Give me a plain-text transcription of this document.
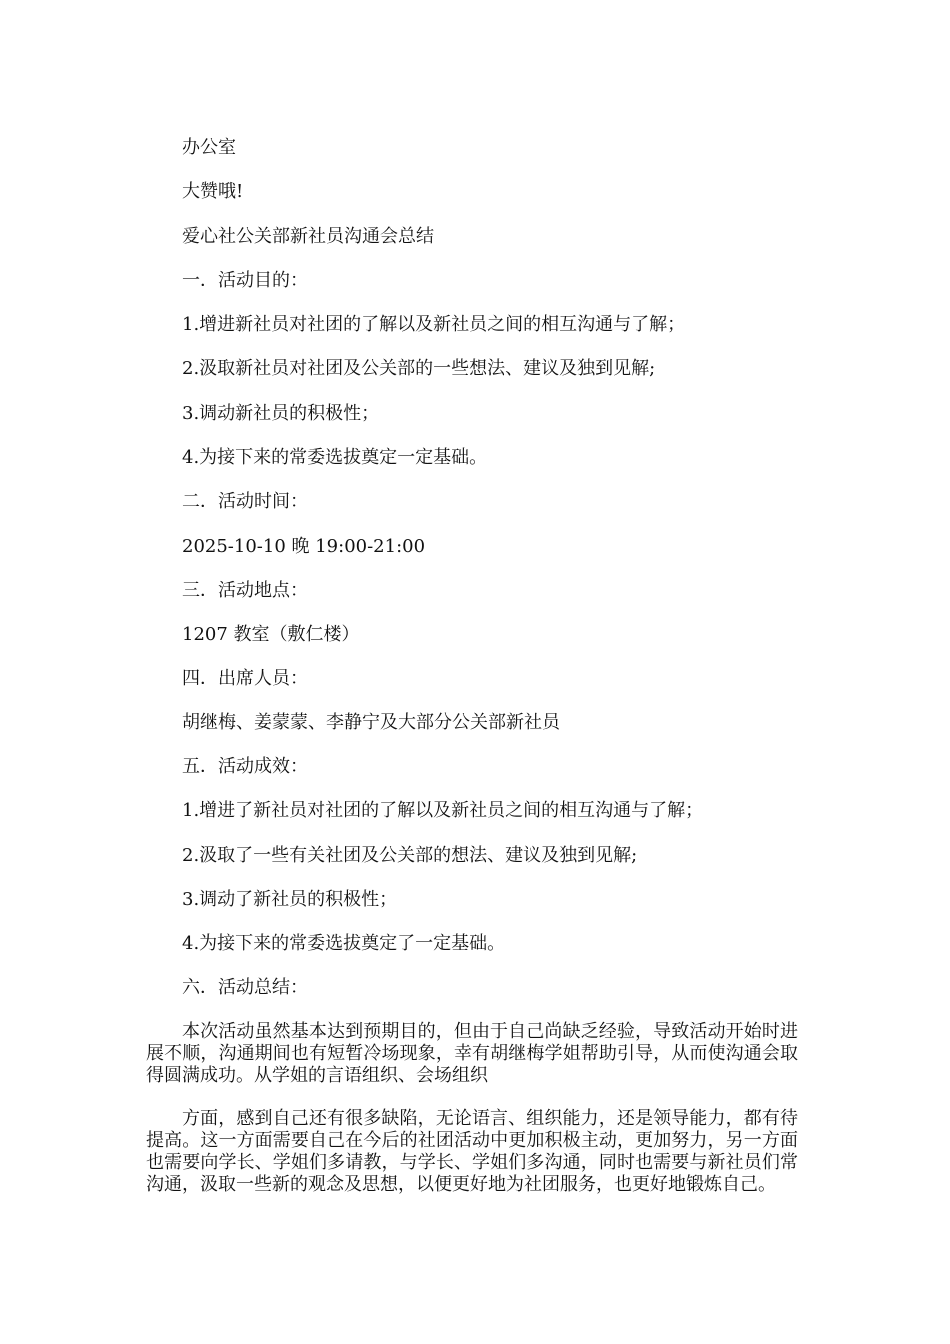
办公室
大赞哦!
爱心社公关部新社员沟通会总结
一．活动目的：
1.增进新社员对社团的了解以及新社员之间的相互沟通与了解；
2.汲取新社员对社团及公关部的一些想法、建议及独到见解;
3.调动新社员的积极性；
4.为接下来的常委选拔奠定一定基础。
二．活动时间：
2025-10-10 晚 19:00-21:00
三．活动地点：
1207 教室（敷仁楼）
四．出席人员：
胡继梅、姜蒙蒙、李静宁及大部分公关部新社员
五．活动成效：
1.增进了新社员对社团的了解以及新社员之间的相互沟通与了解；
2.汲取了一些有关社团及公关部的想法、建议及独到见解;
3.调动了新社员的积极性；
4.为接下来的常委选拔奠定了一定基础。
六．活动总结：
本次活动虽然基本达到预期目的，但由于自己尚缺乏经验，导致活动开始时进展不顺，沟通期间也有短暂冷场现象，幸有胡继梅学姐帮助引导，从而使沟通会取得圆满成功。从学姐的言语组织、会场组织
方面，感到自己还有很多缺陷，无论语言、组织能力，还是领导能力，都有待提高。这一方面需要自己在今后的社团活动中更加积极主动，更加努力，另一方面也需要向学长、学姐们多请教，与学长、学姐们多沟通，同时也需要与新社员们常沟通，汲取一些新的观念及思想，以便更好地为社团服务，也更好地锻炼自己。
